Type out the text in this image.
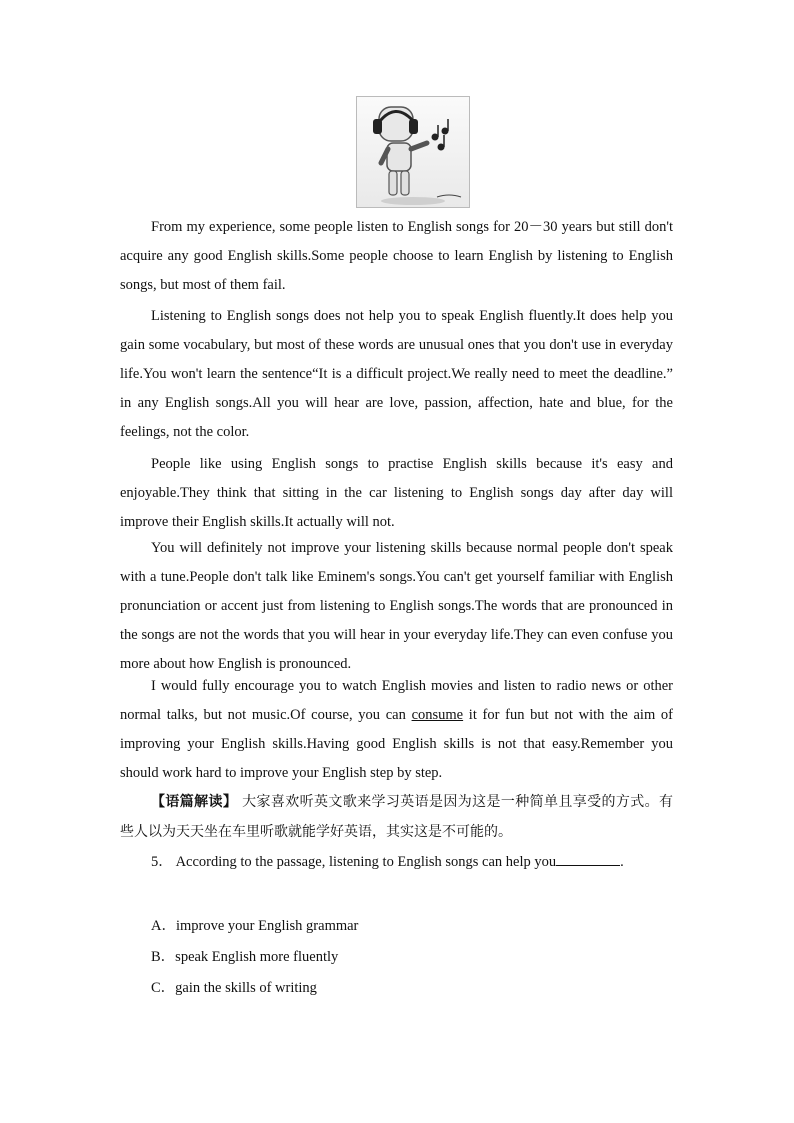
From my experience, some people listen to English songs for 20－30 years but still don't acquire any good English skills.Some people choose to learn English by listening to English songs, but most of them fail.

Listening to English songs does not help you to speak English fluently.It does help you gain some vocabulary, but most of these words are unusual ones that you don't use in everyday life.You won't learn the sentence“It is a difficult project.We really need to meet the deadline.” in any English songs.All you will hear are love, passion, affection, hate and blue, for the feelings, not the color.

People like using English songs to practise English skills because it's easy and enjoyable.They think that sitting in the car listening to English songs day after day will improve their English skills.It actually will not.

You will definitely not improve your listening skills because normal people don't speak with a tune.People don't talk like Eminem's songs.You can't get yourself familiar with English pronunciation or accent just from listening to English songs.The words that are pronounced in the songs are not the words that you will hear in your everyday life.They can even confuse you more about how English is pronounced.

I would fully encourage you to watch English movies and listen to radio news or other normal talks, but not music.Of course, you can consume it for fun but not with the aim of improving your English skills.Having good English skills is not that easy.Remember you should work hard to improve your English step by step.

【语篇解读】 大家喜欢听英文歌来学习英语是因为这是一种简单且享受的方式。有些人以为天天坐在车里听歌就能学好英语，其实这是不可能的。

5． According to the passage, listening to English songs can help you	.

A．improve your English grammar
B．speak English more fluently
C．gain the skills of writing
